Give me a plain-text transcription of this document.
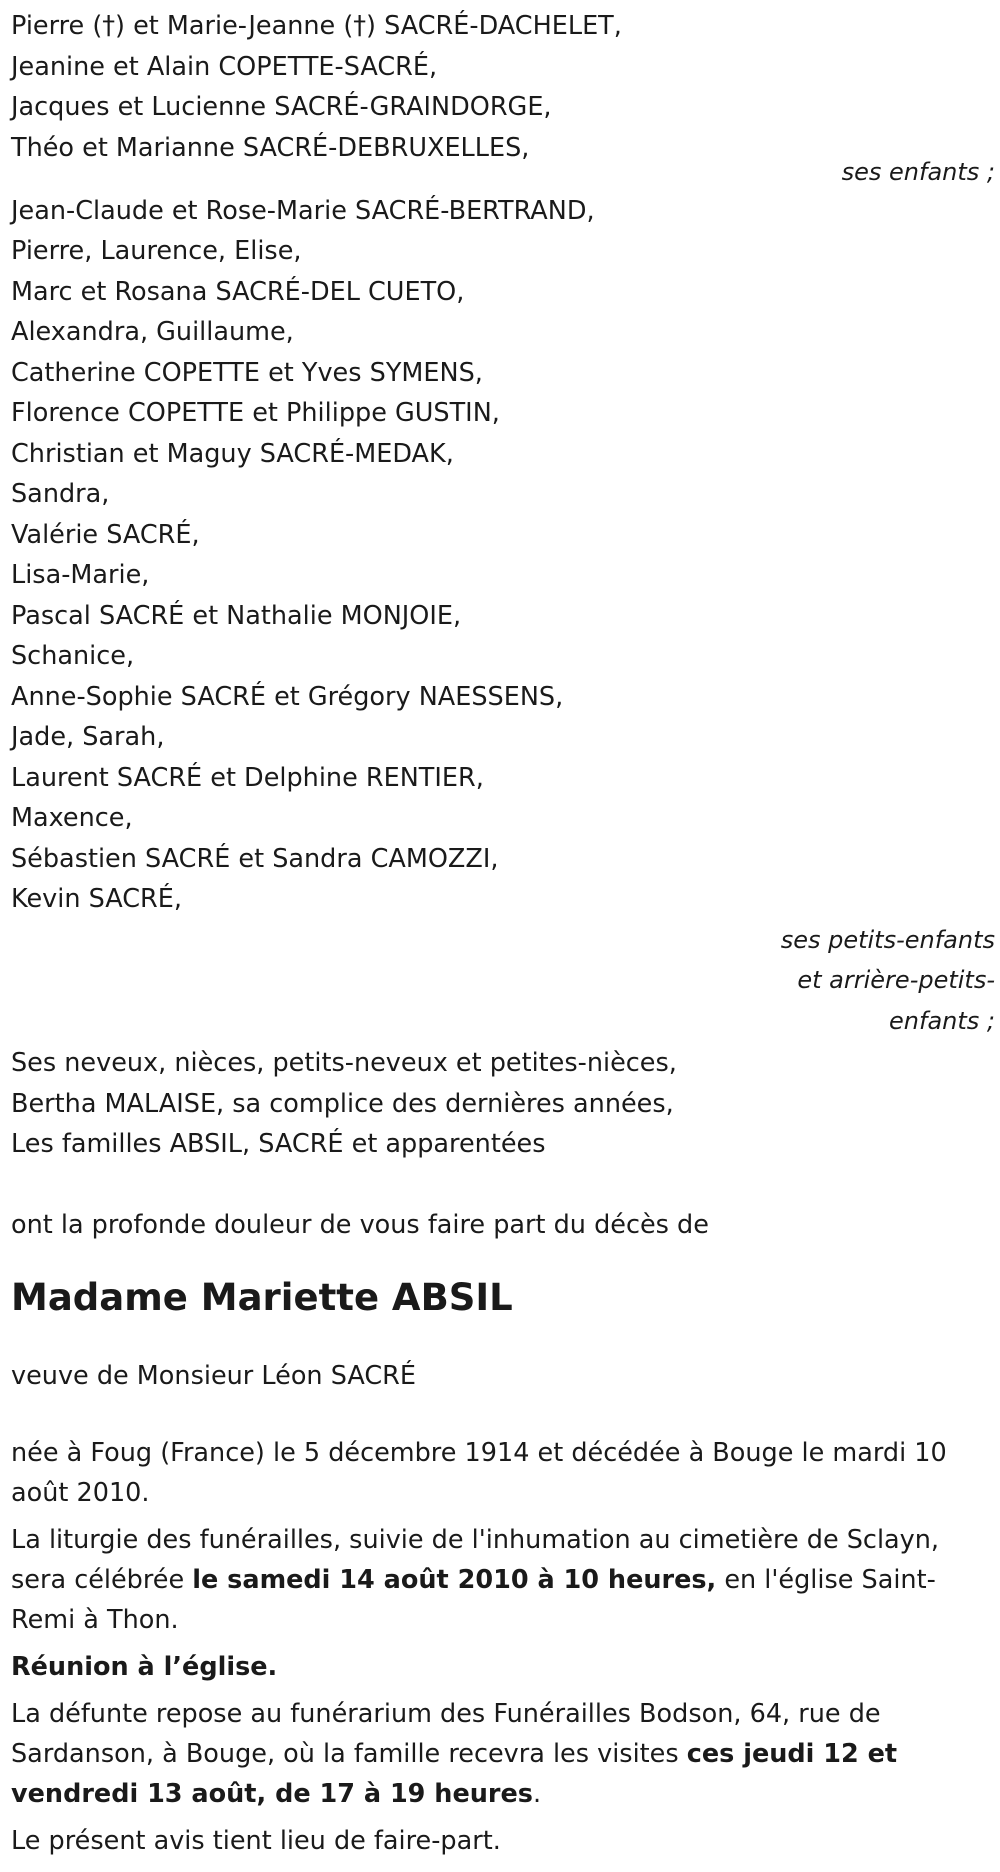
Pierre (†) et Marie-Jeanne (†) SACRÉ-DACHELET,
Jeanine et Alain COPETTE-SACRÉ,
Jacques et Lucienne SACRÉ-GRAINDORGE,
Théo et Marianne SACRÉ-DEBRUXELLES,
ses enfants ;
Jean-Claude et Rose-Marie SACRÉ-BERTRAND,
Pierre, Laurence, Elise,
Marc et Rosana SACRÉ-DEL CUETO,
Alexandra, Guillaume,
Catherine COPETTE et Yves SYMENS,
Florence COPETTE et Philippe GUSTIN,
Christian et Maguy SACRÉ-MEDAK,
Sandra,
Valérie SACRÉ,
Lisa-Marie,
Pascal SACRÉ et Nathalie MONJOIE,
Schanice,
Anne-Sophie SACRÉ et Grégory NAESSENS,
Jade, Sarah,
Laurent SACRÉ et Delphine RENTIER,
Maxence,
Sébastien SACRÉ et Sandra CAMOZZI,
Kevin SACRÉ,
ses petits-enfants
et arrière-petits-
enfants ;
Ses neveux, nièces, petits-neveux et petites-nièces,
Bertha MALAISE, sa complice des dernières années,
Les familles ABSIL, SACRÉ et apparentées
ont la profonde douleur de vous faire part du décès de
Madame Mariette ABSIL
veuve de Monsieur Léon SACRÉ
née à Foug (France) le 5 décembre 1914 et décédée à Bouge le mardi 10 août 2010.
La liturgie des funérailles, suivie de l'inhumation au cimetière de Sclayn, sera célébrée le samedi 14 août 2010 à 10 heures, en l'église Saint-Remi à Thon.
Réunion à l’église.
La défunte repose au funérarium des Funérailles Bodson, 64, rue de Sardanson, à Bouge, où la famille recevra les visites ces jeudi 12 et vendredi 13 août, de 17 à 19 heures.
Le présent avis tient lieu de faire-part.
